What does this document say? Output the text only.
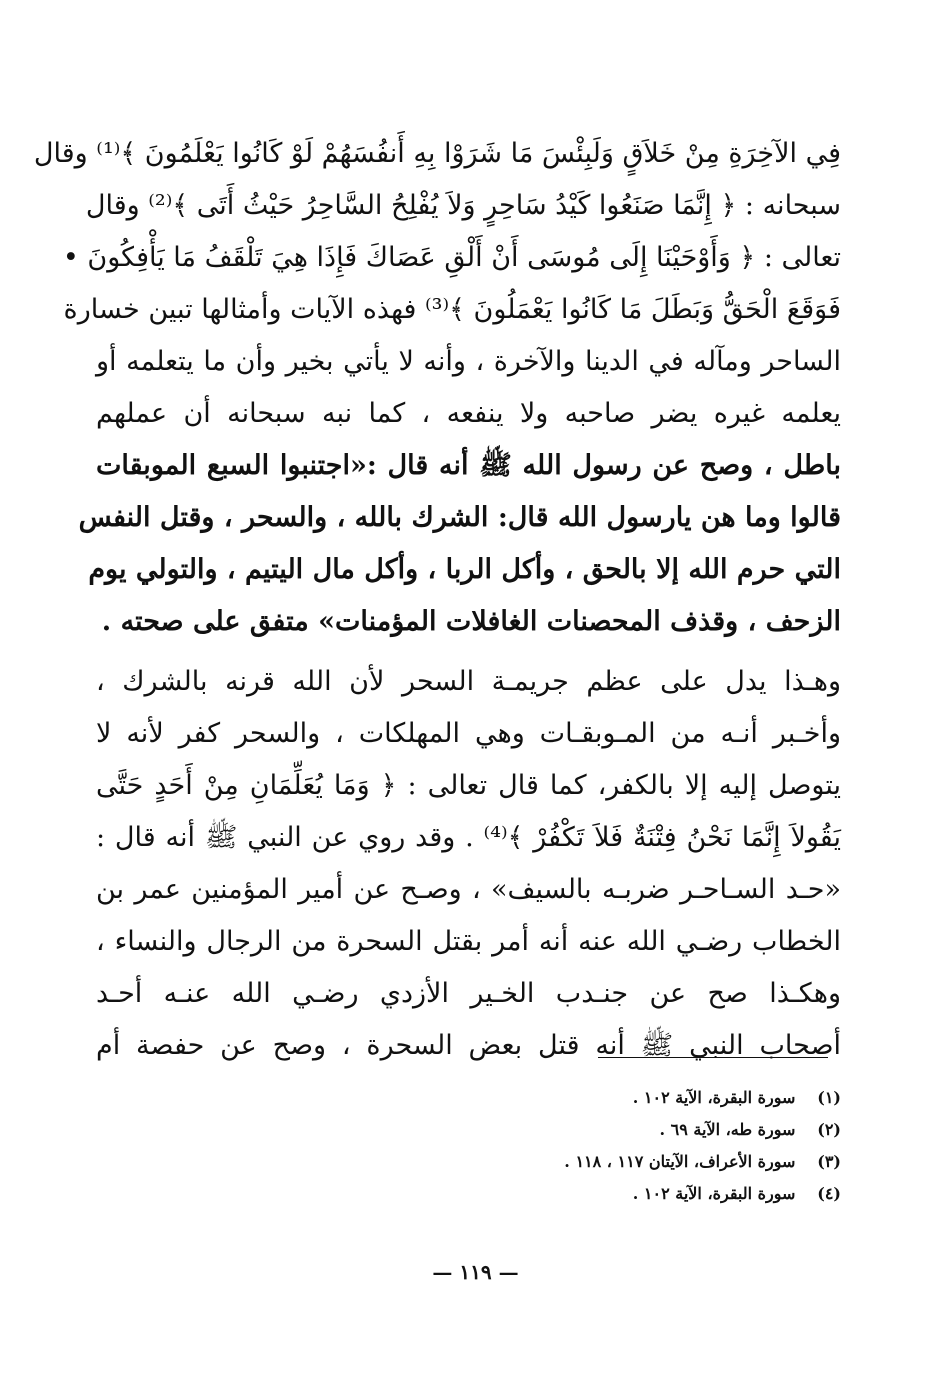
فِي الآخِرَةِ مِنْ خَلاَقٍ وَلَبِئْسَ مَا شَرَوْا بِهِ أَنفُسَهُمْ لَوْ كَانُوا يَعْلَمُونَ ﴾⁽¹⁾ وقال
سبحانه : ﴿ إِنَّمَا صَنَعُوا كَيْدُ سَاحِرٍ وَلاَ يُفْلِحُ السَّاحِرُ حَيْثُ أَتَى ﴾⁽²⁾ وقال
تعالى : ﴿ وَأَوْحَيْنَا إِلَى مُوسَى أَنْ أَلْقِ عَصَاكَ فَإِذَا هِيَ تَلْقَفُ مَا يَأْفِكُونَ •
فَوَقَعَ الْحَقُّ وَبَطَلَ مَا كَانُوا يَعْمَلُونَ ﴾⁽³⁾ فهذه الآيات وأمثالها تبين خسارة
الساحر ومآله في الدينا والآخرة ، وأنه لا يأتي بخير وأن ما يتعلمه أو
يعلمه غيره يضر صاحبه ولا ينفعه ، كما نبه سبحانه أن عملهم
باطل ، وصح عن رسول الله ﷺ أنه قال :«اجتنبوا السبع الموبقات
قالوا وما هن يارسول الله قال: الشرك بالله ، والسحر ، وقتل النفس
التي حرم الله إلا بالحق ، وأكل الربا ، وأكل مال اليتيم ، والتولي يوم
الزحف ، وقذف المحصنات الغافلات المؤمنات» متفق على صحته .
وهـذا يدل على عظم جريمـة السحر لأن الله قرنه بالشرك ،
وأخـبر أنـه من المـوبقـات وهي المهلكات ، والسحر كفر لأنه لا
يتوصل إليه إلا بالكفر، كما قال تعالى : ﴿ وَمَا يُعَلِّمَانِ مِنْ أَحَدٍ حَتَّى
يَقُولاَ إِنَّمَا نَحْنُ فِتْنَةٌ فَلاَ تَكْفُرْ ﴾⁽⁴⁾ . وقد روي عن النبي ﷺ أنه قال :
«حـد السـاحـر ضربـه بالسيف» ، وصـح عن أمير المؤمنين عمر بن
الخطاب رضـي الله عنه أنه أمر بقتل السحرة من الرجال والنساء ،
وهكـذا صح عن جنـدب الخـير الأزدي رضـي الله عنـه أحـد
أصحاب النبي ﷺ أنه قتل بعض السحرة ، وصح عن حفصة أم
(١) سورة البقرة، الآية ١٠٢ .
(٢) سورة طه، الآية ٦٩ .
(٣) سورة الأعراف، الآيتان ١١٧ ، ١١٨ .
(٤) سورة البقرة، الآية ١٠٢ .
— ١١٩ —
